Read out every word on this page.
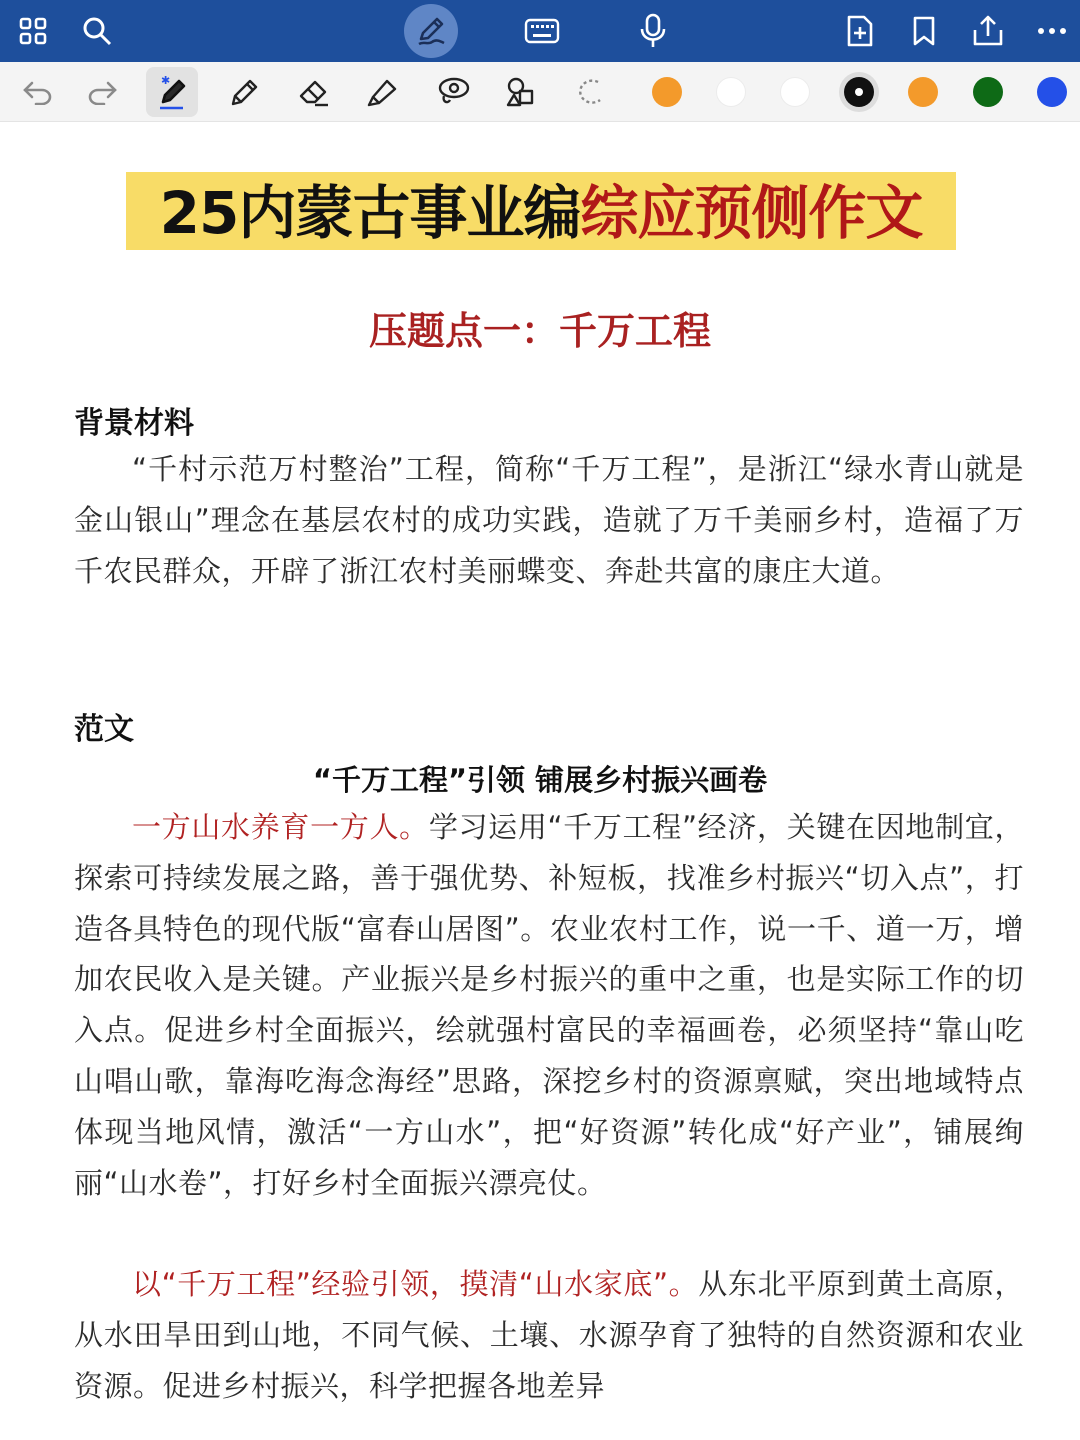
✱
25内蒙古事业编综应预侧作文
压题点一：千万工程
背景材料
“千村示范万村整治”工程，简称“千万工程”，是浙江“绿水青山就是金山银山”理念在基层农村的成功实践，造就了万千美丽乡村，造福了万千农民群众，开辟了浙江农村美丽蝶变、奔赴共富的康庄大道。
范文
“千万工程”引领 铺展乡村振兴画卷
一方山水养育一方人。学习运用“千万工程”经济，关键在因地制宜，探索可持续发展之路，善于强优势、补短板，找准乡村振兴“切入点”，打造各具特色的现代版“富春山居图”。农业农村工作，说一千、道一万，增加农民收入是关键。产业振兴是乡村振兴的重中之重，也是实际工作的切入点。促进乡村全面振兴，绘就强村富民的幸福画卷，必须坚持“靠山吃山唱山歌，靠海吃海念海经”思路，深挖乡村的资源禀赋，突出地域特点体现当地风情，激活“一方山水”，把“好资源”转化成“好产业”，铺展绚丽“山水卷”，打好乡村全面振兴漂亮仗。
以“千万工程”经验引领，摸清“山水家底”。从东北平原到黄土高原，从水田旱田到山地，不同气候、土壤、水源孕育了独特的自然资源和农业资源。促进乡村振兴，科学把握各地差异
